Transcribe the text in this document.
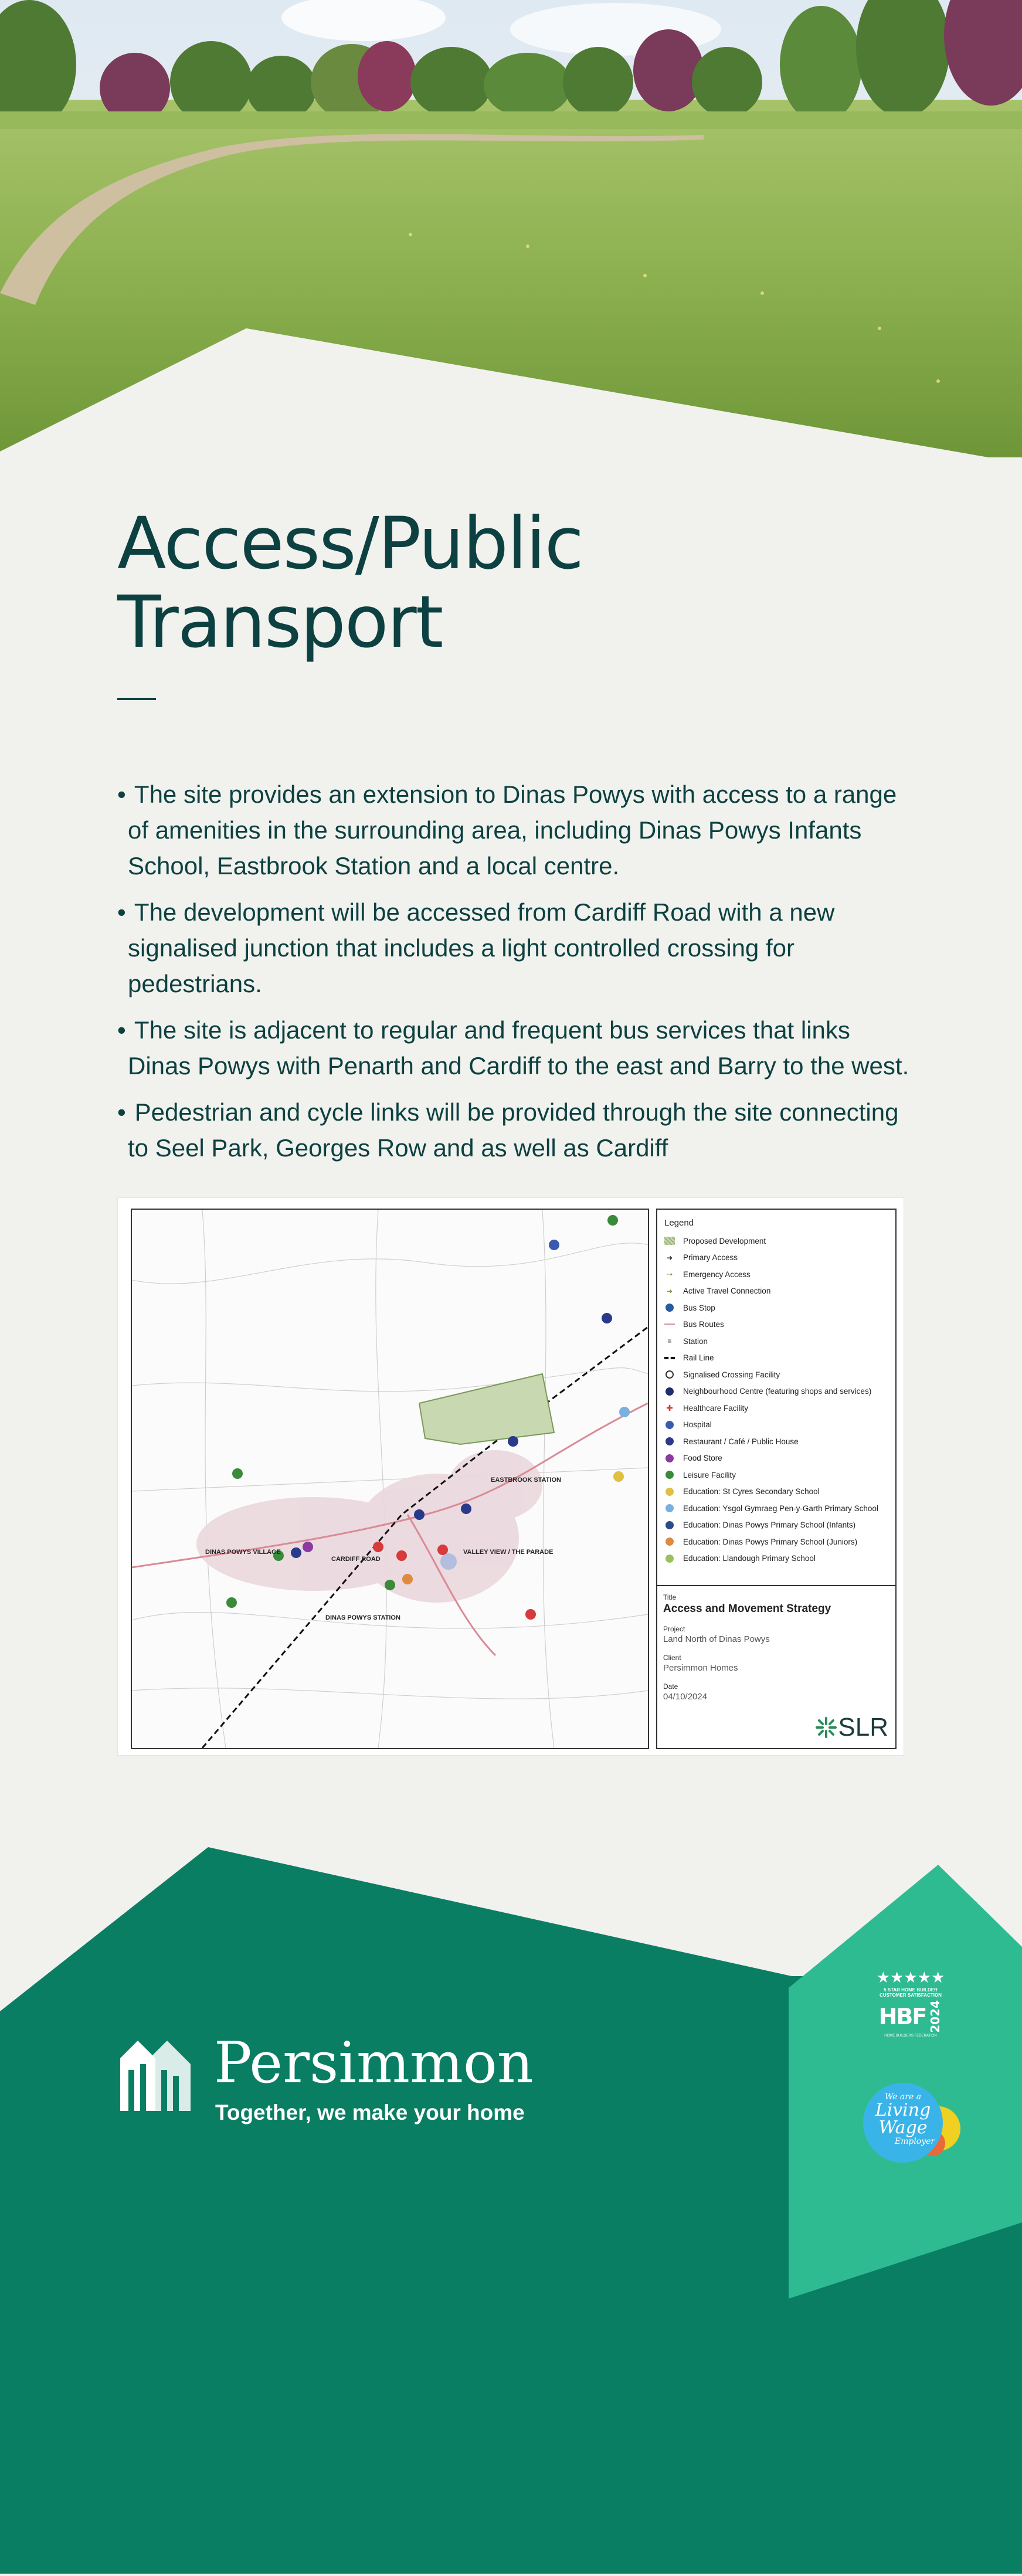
Access/Public Transport
• The site provides an extension to Dinas Powys with access to a range of amenities in the surrounding area, including Dinas Powys Infants School, Eastbrook Station and a local centre.
• The development will be accessed from Cardiff Road with a new signalised junction that includes a light controlled crossing for pedestrians.
• The site is adjacent to regular and frequent bus services that links Dinas Powys with Penarth and Cardiff to the east and Barry to the west.
• Pedestrian and cycle links will be provided through the site connecting to Seel Park, Georges Row and as well as Cardiff
DINAS POWYS VILLAGE
CARDIFF ROAD
VALLEY VIEW / THE PARADE
EASTBROOK STATION
DINAS POWYS STATION
Legend
Proposed Development
➜ Primary Access
⇢ Emergency Access
➜ Active Travel Connection
Bus Stop
Bus Routes
≡	Station
Rail Line
Signalised Crossing Facility
Neighbourhood Centre (featuring shops and services)
✚ Healthcare Facility
Hospital
Restaurant / Café / Public House
Food Store
Leisure Facility
Education: St Cyres Secondary School
Education: Ysgol Gymraeg Pen-y-Garth Primary School
Education: Dinas Powys Primary School (Infants)
Education: Dinas Powys Primary School (Juniors)
Education: Llandough Primary School
Title
Access and Movement Strategy
Project
Land North of Dinas Powys
Client
Persimmon Homes
Date
04/10/2024
SLR
Persimmon
Together, we make your home
★★★★★
5 STAR HOME BUILDER
CUSTOMER SATISFACTION
HBF 2024
HOME BUILDERS FEDERATION
We are a
Living
Wage
Employer
